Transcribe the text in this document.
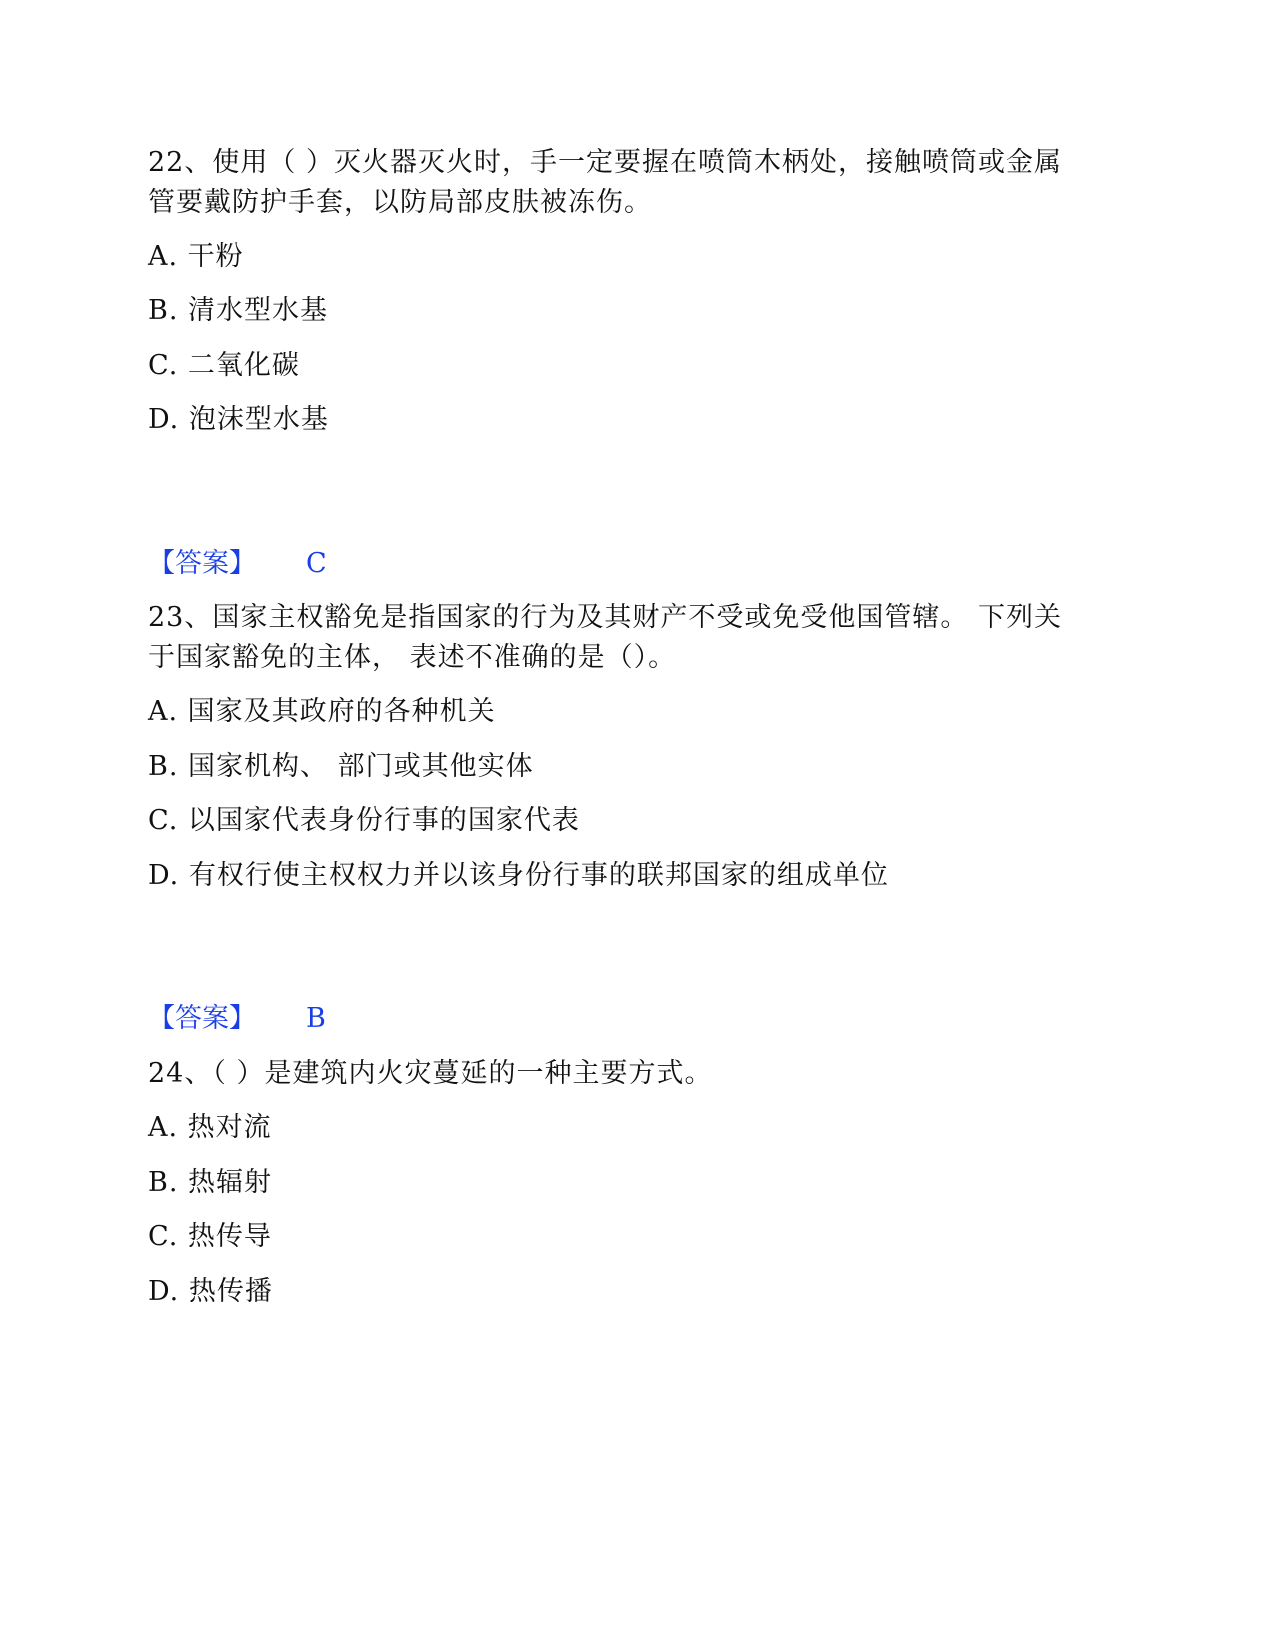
22、使用（ ）灭火器灭火时，手一定要握在喷筒木柄处，接触喷筒或金属
管要戴防护手套，以防局部皮肤被冻伤。
A. 干粉
B. 清水型水基
C. 二氧化碳
D. 泡沫型水基
【答案】 C
23、国家主权豁免是指国家的行为及其财产不受或免受他国管辖。 下列关
于国家豁免的主体， 表述不准确的是（）。
A. 国家及其政府的各种机关
B. 国家机构、 部门或其他实体
C. 以国家代表身份行事的国家代表
D. 有权行使主权权力并以该身份行事的联邦国家的组成单位
【答案】 B
24、（ ）是建筑内火灾蔓延的一种主要方式。
A. 热对流
B. 热辐射
C. 热传导
D. 热传播
